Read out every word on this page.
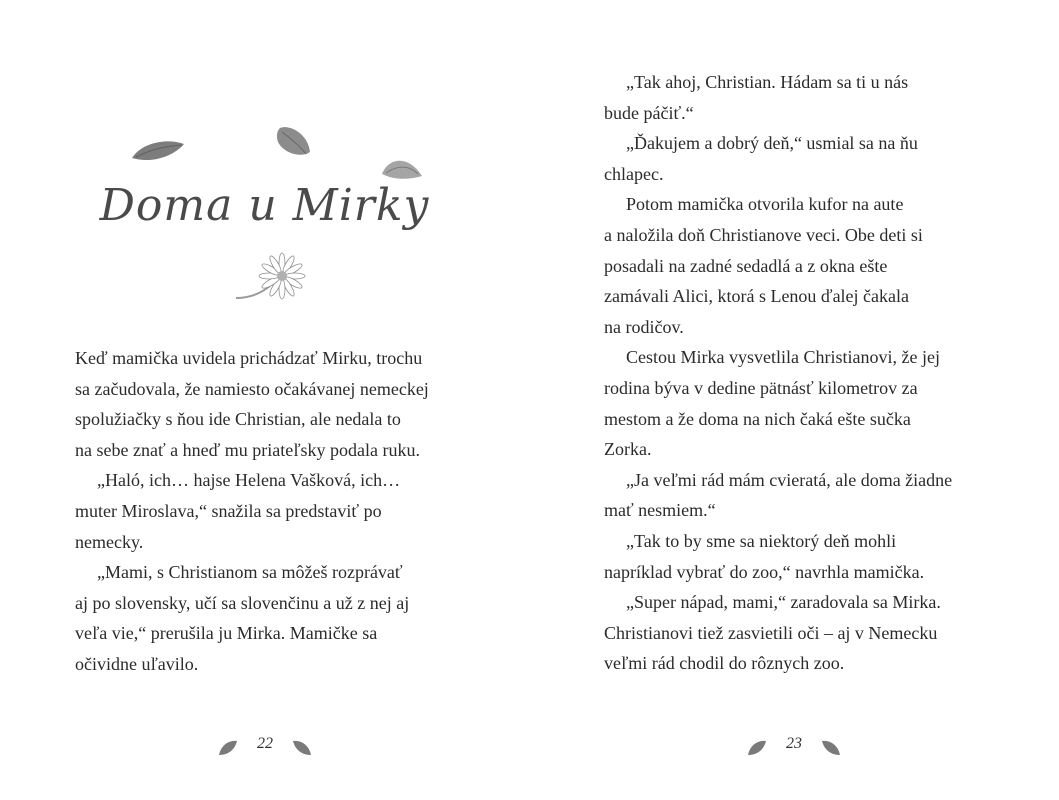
Doma u Mirky
Keď mamička uvidela prichádzať Mirku, trochu
sa začudovala, že namiesto očakávanej nemeckej
spolužiačky s ňou ide Christian, ale nedala to
na sebe znať a hneď mu priateľsky podala ruku.
„Haló, ich… hajse Helena Vašková, ich…
muter Miroslava,“ snažila sa predstaviť po
nemecky.
„Mami, s Christianom sa môžeš rozprávať
aj po slovensky, učí sa slovenčinu a už z nej aj
veľa vie,“ prerušila ju Mirka. Mamičke sa
očividne uľavilo.
22
„Tak ahoj, Christian. Hádam sa ti u nás
bude páčiť.“
„Ďakujem a dobrý deň,“ usmial sa na ňu
chlapec.
Potom mamička otvorila kufor na aute
a naložila doň Christianove veci. Obe deti si
posadali na zadné sedadlá a z okna ešte
zamávali Alici, ktorá s Lenou ďalej čakala
na rodičov.
Cestou Mirka vysvetlila Christianovi, že jej
rodina býva v dedine pätnásť kilometrov za
mestom a že doma na nich čaká ešte sučka
Zorka.
„Ja veľmi rád mám cvieratá, ale doma žiadne
mať nesmiem.“
„Tak to by sme sa niektorý deň mohli
napríklad vybrať do zoo,“ navrhla mamička.
„Super nápad, mami,“ zaradovala sa Mirka.
Christianovi tiež zasvietili oči – aj v Nemecku
veľmi rád chodil do rôznych zoo.
23
